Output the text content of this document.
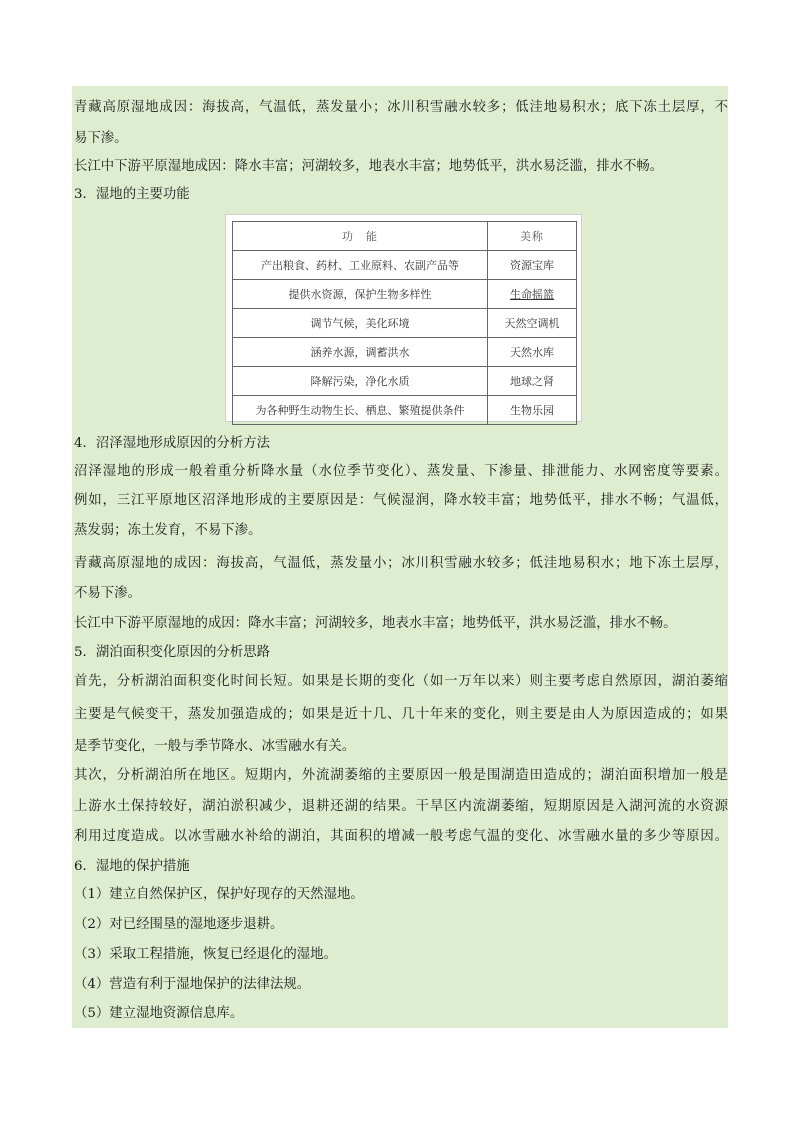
青藏高原湿地成因：海拔高，气温低，蒸发量小；冰川积雪融水较多；低洼地易积水；底下冻土层厚，不
易下渗。
长江中下游平原湿地成因：降水丰富；河湖较多，地表水丰富；地势低平，洪水易泛滥，排水不畅。
3．湿地的主要功能
功　能	美称
产出粮食、药材、工业原料、农副产品等	资源宝库
提供水资源，保护生物多样性	生命摇篮
调节气候，美化环境	天然空调机
涵养水源，调蓄洪水	天然水库
降解污染，净化水质	地球之肾
为各种野生动物生长、栖息、繁殖提供条件	生物乐园
4．沼泽湿地形成原因的分析方法
沼泽湿地的形成一般着重分析降水量（水位季节变化）、蒸发量、下渗量、排泄能力、水网密度等要素。
例如，三江平原地区沼泽地形成的主要原因是：气候湿润，降水较丰富；地势低平，排水不畅；气温低，
蒸发弱；冻土发育，不易下渗。
青藏高原湿地的成因：海拔高，气温低，蒸发量小；冰川积雪融水较多；低洼地易积水；地下冻土层厚，
不易下渗。
长江中下游平原湿地的成因：降水丰富；河湖较多，地表水丰富；地势低平，洪水易泛滥，排水不畅。
5．湖泊面积变化原因的分析思路
首先，分析湖泊面积变化时间长短。如果是长期的变化（如一万年以来）则主要考虑自然原因，湖泊萎缩
主要是气候变干，蒸发加强造成的；如果是近十几、几十年来的变化，则主要是由人为原因造成的；如果
是季节变化，一般与季节降水、冰雪融水有关。
其次，分析湖泊所在地区。短期内，外流湖萎缩的主要原因一般是围湖造田造成的；湖泊面积增加一般是
上游水土保持较好，湖泊淤积减少，退耕还湖的结果。干旱区内流湖萎缩，短期原因是入湖河流的水资源
利用过度造成。以冰雪融水补给的湖泊，其面积的增减一般考虑气温的变化、冰雪融水量的多少等原因。
6．湿地的保护措施
（1）建立自然保护区，保护好现存的天然湿地。
（2）对已经围垦的湿地逐步退耕。
（3）采取工程措施，恢复已经退化的湿地。
（4）营造有利于湿地保护的法律法规。
（5）建立湿地资源信息库。
